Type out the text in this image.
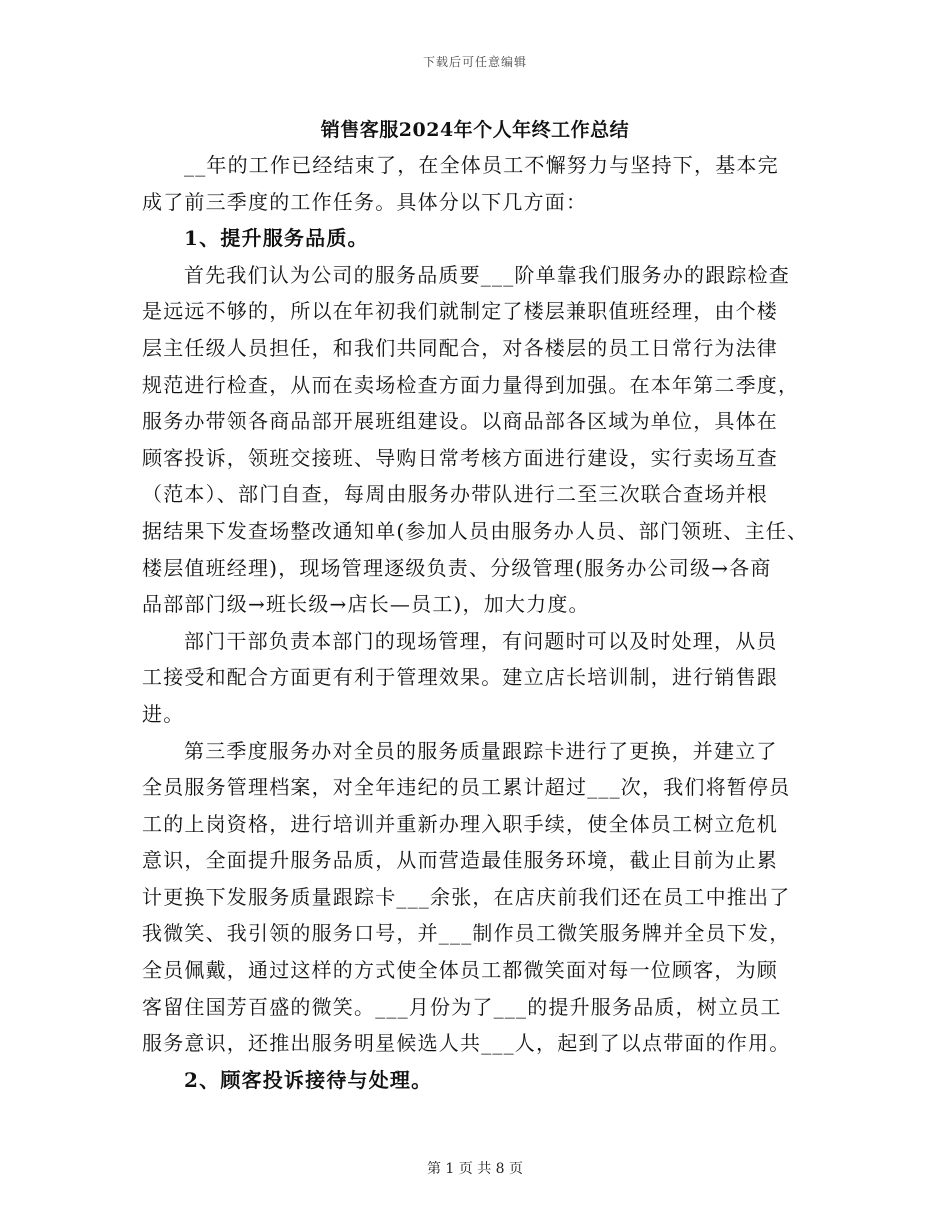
下载后可任意编辑
销售客服2024年个人年终工作总结
__年的工作已经结束了，在全体员工不懈努力与坚持下，基本完
成了前三季度的工作任务。具体分以下几方面：
1、提升服务品质。
首先我们认为公司的服务品质要___阶单靠我们服务办的跟踪检查
是远远不够的，所以在年初我们就制定了楼层兼职值班经理，由个楼
层主任级人员担任，和我们共同配合，对各楼层的员工日常行为法律
规范进行检查，从而在卖场检查方面力量得到加强。在本年第二季度，
服务办带领各商品部开展班组建设。以商品部各区域为单位，具体在
顾客投诉，领班交接班、导购日常考核方面进行建设，实行卖场互查
（范本）、部门自查，每周由服务办带队进行二至三次联合查场并根
据结果下发查场整改通知单(参加人员由服务办人员、部门领班、主任、
楼层值班经理)，现场管理逐级负责、分级管理(服务办公司级→各商
品部部门级→班长级→店长—员工)，加大力度。
部门干部负责本部门的现场管理，有问题时可以及时处理，从员
工接受和配合方面更有利于管理效果。建立店长培训制，进行销售跟
进。
第三季度服务办对全员的服务质量跟踪卡进行了更换，并建立了
全员服务管理档案，对全年违纪的员工累计超过___次，我们将暂停员
工的上岗资格，进行培训并重新办理入职手续，使全体员工树立危机
意识，全面提升服务品质，从而营造最佳服务环境，截止目前为止累
计更换下发服务质量跟踪卡___余张，在店庆前我们还在员工中推出了
我微笑、我引领的服务口号，并___制作员工微笑服务牌并全员下发，
全员佩戴，通过这样的方式使全体员工都微笑面对每一位顾客，为顾
客留住国芳百盛的微笑。___月份为了___的提升服务品质，树立员工
服务意识，还推出服务明星候选人共___人，起到了以点带面的作用。
2、顾客投诉接待与处理。
第 1 页 共 8 页
